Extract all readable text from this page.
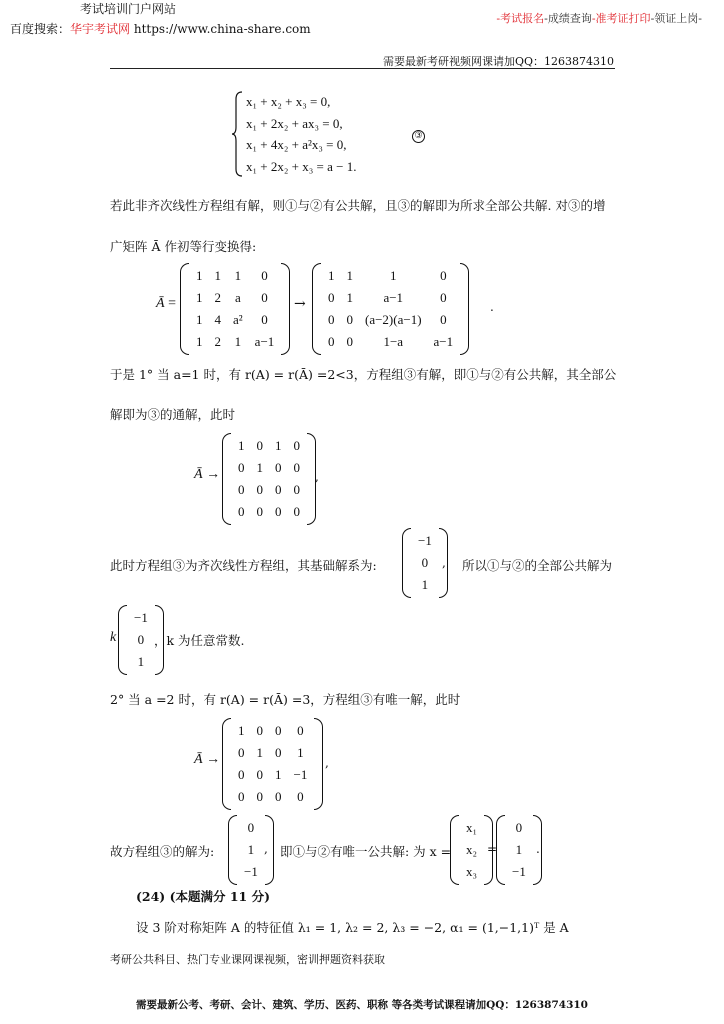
考试培训门户网站
百度搜索：华宇考试网 https://www.china-share.com
-考试报名-成绩查询-准考证打印-领证上岗-
需要最新考研视频网课请加QQ：1263874310
x₁ + x₂ + x₃ = 0,
x₁ + 2x₂ + ax₃ = 0,
x₁ + 4x₂ + a²x₃ = 0,
x₁ + 2x₂ + x₃ = a − 1.
③
若此非齐次线性方程组有解，则①与②有公共解，且③的解即为所求全部公共解. 对③的增
广矩阵 Ā 作初等行变换得:
Ā =
1	1	1	0
1	2	a	0
1	4	a²	0
1	2	1	a−1
→
1	1	1	0
0	1	a−1	0
0	0	(a−2)(a−1)	0
0	0	1−a	a−1
.
于是 1° 当 a=1 时，有 r(A) = r(Ā) =2<3，方程组③有解，即①与②有公共解，其全部公
解即为③的通解，此时
Ā →
1	0	1	0
0	1	0	0
0	0	0	0
0	0	0	0
,
此时方程组③为齐次线性方程组，其基础解系为:
−1
0
1
, 所以①与②的全部公共解为
k
−1
0
1
，k 为任意常数.
2° 当 a =2 时，有 r(A) = r(Ā) =3，方程组③有唯一解，此时
Ā →
1	0	0	0
0	1	0	1
0	0	1	−1
0	0	0	0
,
故方程组③的解为:
0
1
−1
, 即①与②有唯一公共解: 为 x =
x₁
x₂
x₃
=
0
1
−1
.
(24) (本题满分 11 分)
设 3 阶对称矩阵 A 的特征值 λ₁ = 1, λ₂ = 2, λ₃ = −2, α₁ = (1,−1,1)ᵀ 是 A
考研公共科目、热门专业课网课视频，密训押题资料获取
需要最新公考、考研、会计、建筑、学历、医药、职称 等各类考试课程请加QQ：1263874310
